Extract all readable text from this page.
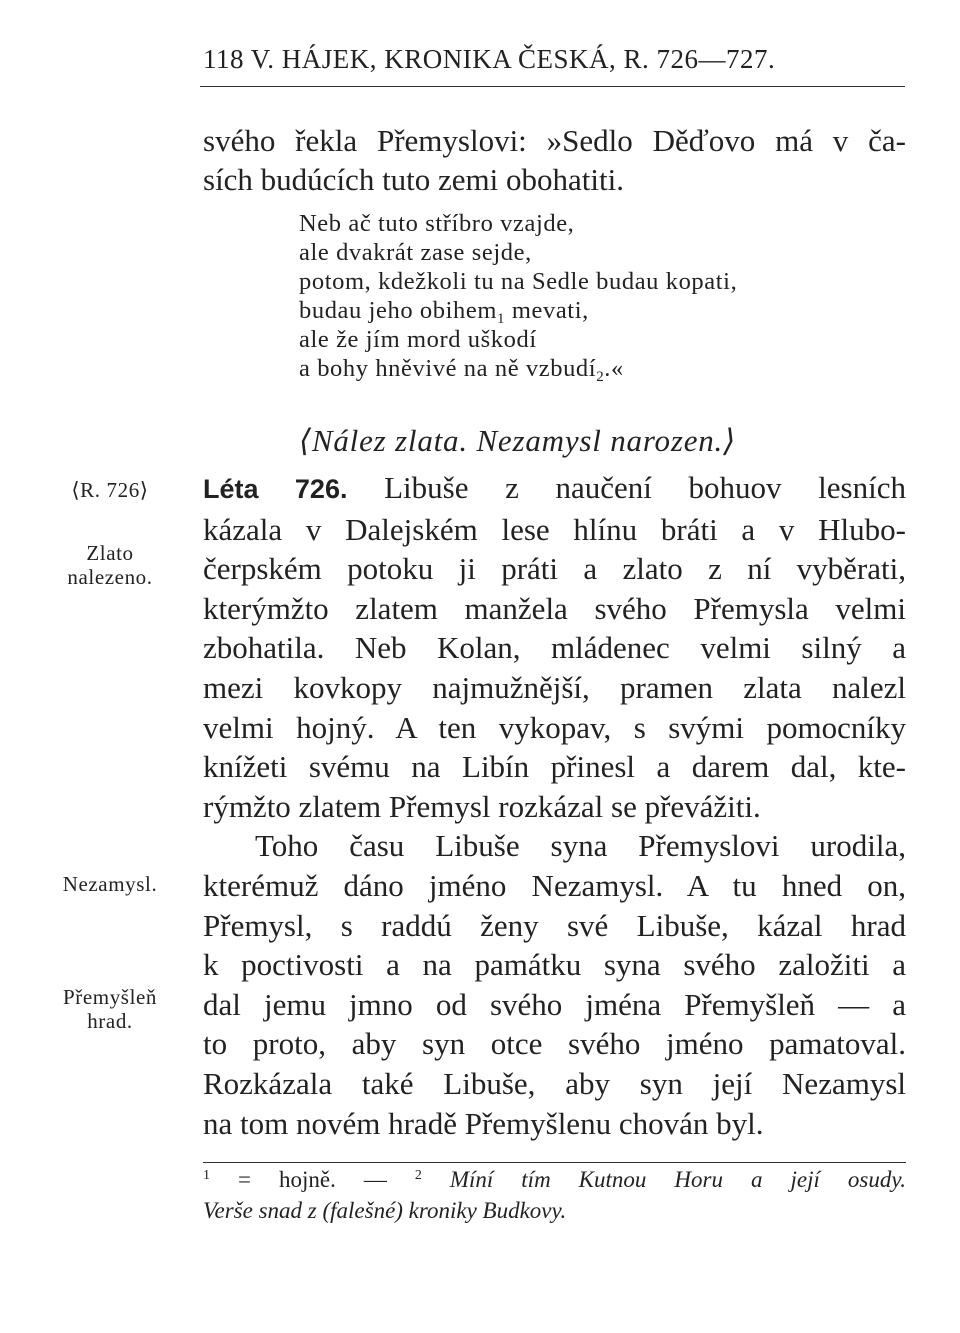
118 V. HÁJEK, KRONIKA ČESKÁ, R. 726—727.
svého řekla Přemyslovi: »Sedlo Děďovo má v ča-
sích budúcích tuto zemi obohatiti.
Neb ač tuto stříbro vzajde,
ale dvakrát zase sejde,
potom, kdežkoli tu na Sedle budau kopati,
budau jeho obihem$_1$ mevati,
ale že jím mord uškodí
a bohy hněvivé na ně vzbudí$_2$.«
⟨Nález zlata. Nezamysl narozen.⟩
⟨R. 726⟩
Zlato
nalezeno.
Nezamysl.
Přemyšleň
hrad.
Léta 726. Libuše z naučení bohuov lesních
kázala v Dalejském lese hlínu bráti a v Hlubo-
čerpském potoku ji práti a zlato z ní vyběrati,
kterýmžto zlatem manžela svého Přemysla velmi
zbohatila. Neb Kolan, mládenec velmi silný a
mezi kovkopy najmužnější, pramen zlata nalezl
velmi hojný. A ten vykopav, s svými pomocníky
knížeti svému na Libín přinesl a darem dal, kte-
rýmžto zlatem Přemysl rozkázal se převážiti.
Toho času Libuše syna Přemyslovi urodila,
kterémuž dáno jméno Nezamysl. A tu hned on,
Přemysl, s raddú ženy své Libuše, kázal hrad
k poctivosti a na památku syna svého založiti a
dal jemu jmno od svého jména Přemyšleň — a
to proto, aby syn otce svého jméno pamatoval.
Rozkázala také Libuše, aby syn její Nezamysl
na tom novém hradě Přemyšlenu chován byl.
$^1$ = hojně. — $^2$ Míní tím Kutnou Horu a její osudy.
Verše snad z (falešné) kroniky Budkovy.
